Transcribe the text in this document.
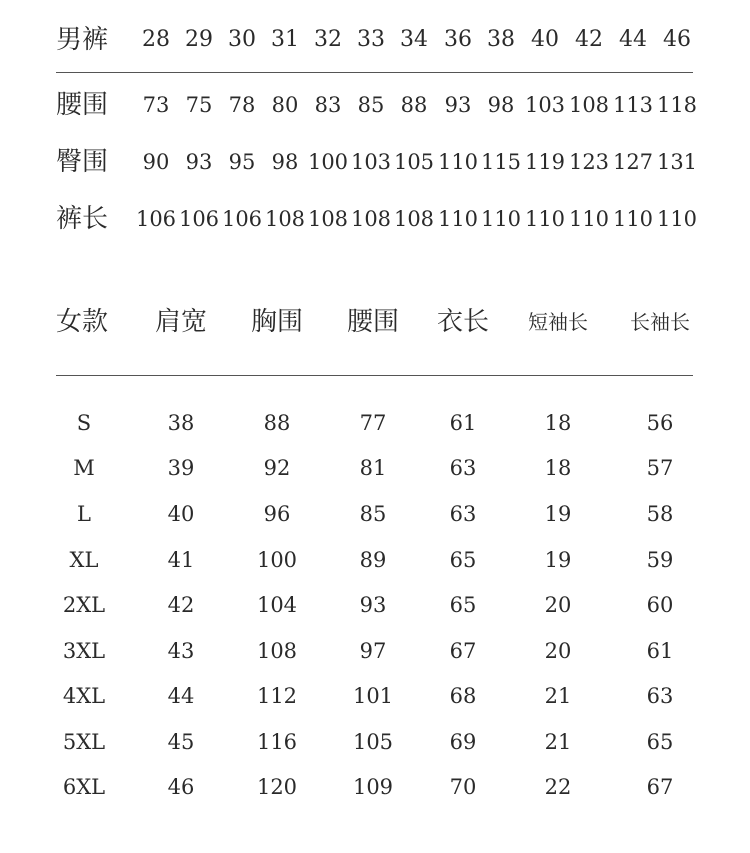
男裤 28 29 30 31 32 33 34 36 38 40 42 44 46
腰围 73 75 78 80 83 85 88 93 98 103 108 113 118
臀围 90 93 95 98 100 103 105 110 115 119 123 127 131
裤长 106 106 106 108 108 108 108 110 110 110 110 110 110
女款 肩宽 胸围 腰围 衣长 短袖长 长袖长
S	38	88	77	61	18	56
M	39	92	81	63	18	57
L	40	96	85	63	19	58
XL	41	100	89	65	19	59
2XL	42	104	93	65	20	60
3XL	43	108	97	67	20	61
4XL	44	112	101	68	21	63
5XL	45	116	105	69	21	65
6XL	46	120	109	70	22	67
